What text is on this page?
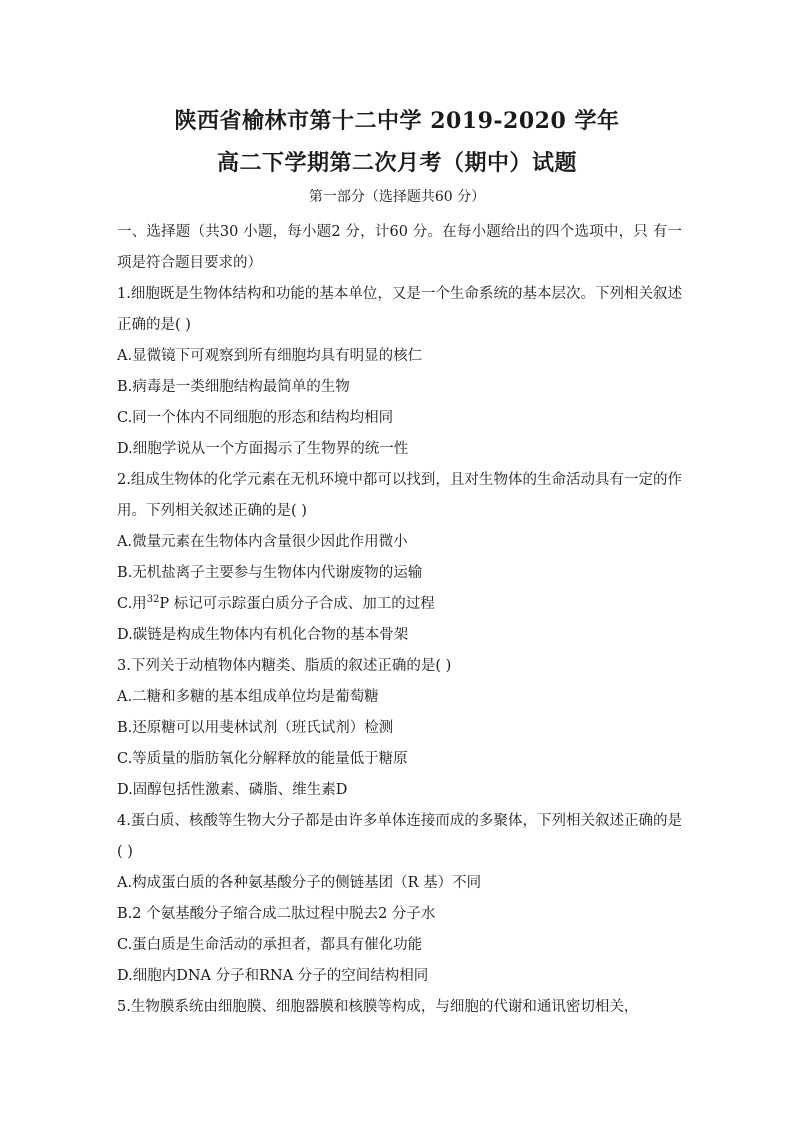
陕西省榆林市第十二中学 2019-2020 学年
高二下学期第二次月考（期中）试题
第一部分（选择题共60 分）
一、选择题（共30 小题，每小题2 分，计60 分。在每小题给出的四个选项中，只 有一项是符合题目要求的）
1.细胞既是生物体结构和功能的基本单位，又是一个生命系统的基本层次。下列相关叙述正确的是( )
A.显微镜下可观察到所有细胞均具有明显的核仁
B.病毒是一类细胞结构最简单的生物
C.同一个体内不同细胞的形态和结构均相同
D.细胞学说从一个方面揭示了生物界的统一性
2.组成生物体的化学元素在无机环境中都可以找到，且对生物体的生命活动具有一定的作用。下列相关叙述正确的是( )
A.微量元素在生物体内含量很少因此作用微小
B.无机盐离子主要参与生物体内代谢废物的运输
C.用$^{32}$P 标记可示踪蛋白质分子合成、加工的过程
D.碳链是构成生物体内有机化合物的基本骨架
3.下列关于动植物体内糖类、脂质的叙述正确的是( )
A.二糖和多糖的基本组成单位均是葡萄糖
B.还原糖可以用斐林试剂（班氏试剂）检测
C.等质量的脂肪氧化分解释放的能量低于糖原
D.固醇包括性激素、磷脂、维生素D
4.蛋白质、核酸等生物大分子都是由许多单体连接而成的多聚体，下列相关叙述正确的是( )
A.构成蛋白质的各种氨基酸分子的侧链基团（R 基）不同
B.2 个氨基酸分子缩合成二肽过程中脱去2 分子水
C.蛋白质是生命活动的承担者，都具有催化功能
D.细胞内DNA 分子和RNA 分子的空间结构相同
5.生物膜系统由细胞膜、细胞器膜和核膜等构成，与细胞的代谢和通讯密切相关，
